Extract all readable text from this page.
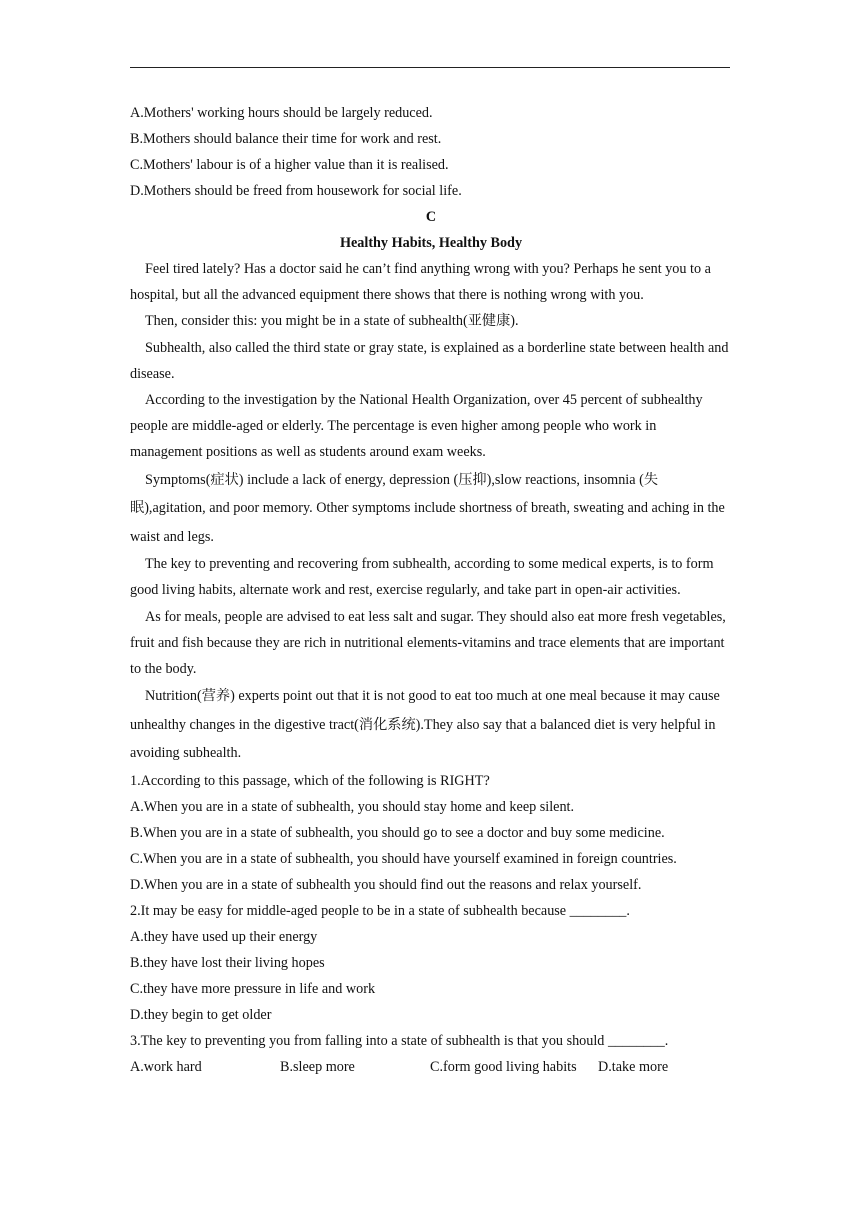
A.Mothers' working hours should be largely reduced.
B.Mothers should balance their time for work and rest.
C.Mothers' labour is of a higher value than it is realised.
D.Mothers should be freed from housework for social life.
C
Healthy Habits, Healthy Body

Feel tired lately? Has a doctor said he can’t find anything wrong with you? Perhaps he sent you to a hospital, but all the advanced equipment there shows that there is nothing wrong with you.

Then, consider this: you might be in a state of subhealth(亚健康).

Subhealth, also called the third state or gray state, is explained as a borderline state between health and disease.

According to the investigation by the National Health Organization, over 45 percent of subhealthy people are middle-aged or elderly. The percentage is even higher among people who work in management positions as well as students around exam weeks.

Symptoms(症状) include a lack of energy, depression (压抑),slow reactions, insomnia (失眠),agitation, and poor memory. Other symptoms include shortness of breath, sweating and aching in the waist and legs.

The key to preventing and recovering from subhealth, according to some medical experts, is to form good living habits, alternate work and rest, exercise regularly, and take part in open-air activities.

As for meals, people are advised to eat less salt and sugar. They should also eat more fresh vegetables, fruit and fish because they are rich in nutritional elements-vitamins and trace elements that are important to the body.

Nutrition(营养) experts point out that it is not good to eat too much at one meal because it may cause unhealthy changes in the digestive tract(消化系统).They also say that a balanced diet is very helpful in avoiding subhealth.

1.According to this passage, which of the following is RIGHT?
A.When you are in a state of subhealth, you should stay home and keep silent.
B.When you are in a state of subhealth, you should go to see a doctor and buy some medicine.
C.When you are in a state of subhealth, you should have yourself examined in foreign countries.
D.When you are in a state of subhealth you should find out the reasons and relax yourself.
2.It may be easy for middle-aged people to be in a state of subhealth because ________.
A.they have used up their energy
B.they have lost their living hopes
C.they have more pressure in life and work
D.they begin to get older
3.The key to preventing you from falling into a state of subhealth is that you should ________.
A.work hard	B.sleep more	C.form good living habits	D.take more
